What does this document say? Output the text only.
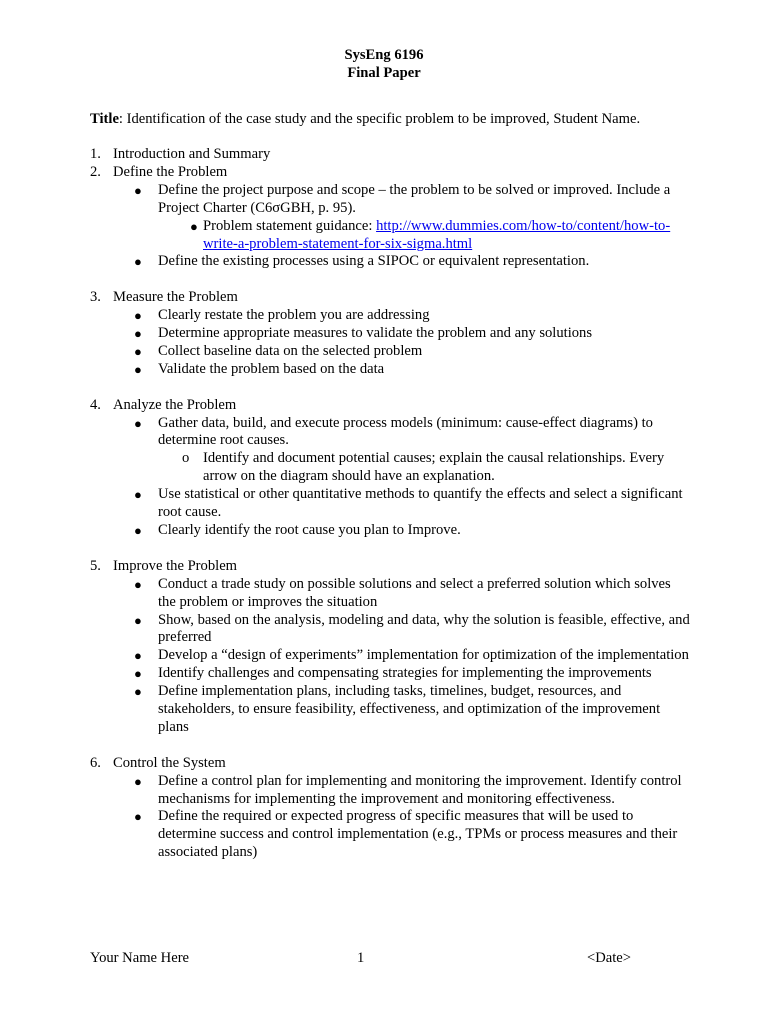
SysEng 6196
Final Paper
Title: Identification of the case study and the specific problem to be improved, Student Name.
1. Introduction and Summary
2. Define the Problem
● Define the project purpose and scope – the problem to be solved or improved. Include a Project Charter (C6σGBH, p. 95).
● Problem statement guidance: http://www.dummies.com/how-to/content/how-to-write-a-problem-statement-for-six-sigma.html
● Define the existing processes using a SIPOC or equivalent representation.
3. Measure the Problem
● Clearly restate the problem you are addressing
● Determine appropriate measures to validate the problem and any solutions
● Collect baseline data on the selected problem
● Validate the problem based on the data
4. Analyze the Problem
● Gather data, build, and execute process models (minimum: cause-effect diagrams) to determine root causes.
o Identify and document potential causes; explain the causal relationships. Every arrow on the diagram should have an explanation.
● Use statistical or other quantitative methods to quantify the effects and select a significant root cause.
● Clearly identify the root cause you plan to Improve.
5. Improve the Problem
● Conduct a trade study on possible solutions and select a preferred solution which solves the problem or improves the situation
● Show, based on the analysis, modeling and data, why the solution is feasible, effective, and preferred
● Develop a “design of experiments” implementation for optimization of the implementation
● Identify challenges and compensating strategies for implementing the improvements
● Define implementation plans, including tasks, timelines, budget, resources, and stakeholders, to ensure feasibility, effectiveness, and optimization of the improvement plans
6. Control the System
● Define a control plan for implementing and monitoring the improvement. Identify control mechanisms for implementing the improvement and monitoring effectiveness.
● Define the required or expected progress of specific measures that will be used to determine success and control implementation (e.g., TPMs or process measures and their associated plans)
Your Name Here	1	<Date>
